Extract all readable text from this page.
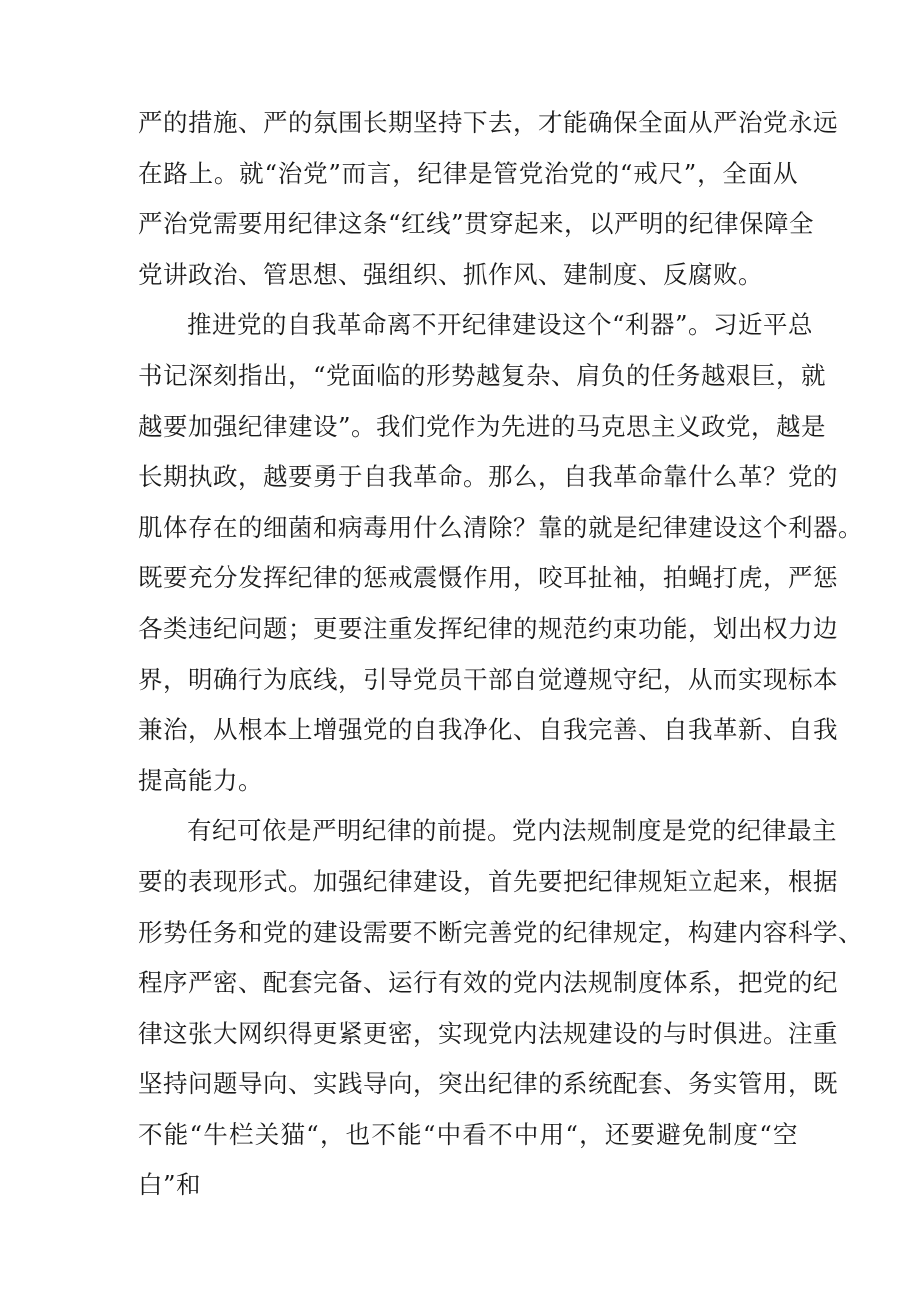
严的措施、严的氛围长期坚持下去，才能确保全面从严治党永远
在路上。就“治党”而言，纪律是管党治党的“戒尺”，全面从
严治党需要用纪律这条“红线”贯穿起来，以严明的纪律保障全
党讲政治、管思想、强组织、抓作风、建制度、反腐败。
推进党的自我革命离不开纪律建设这个“利器”。习近平总
书记深刻指出，“党面临的形势越复杂、肩负的任务越艰巨，就
越要加强纪律建设”。我们党作为先进的马克思主义政党，越是
长期执政，越要勇于自我革命。那么，自我革命靠什么革？党的
肌体存在的细菌和病毒用什么清除？靠的就是纪律建设这个利器。
既要充分发挥纪律的惩戒震慑作用，咬耳扯袖，拍蝇打虎，严惩
各类违纪问题；更要注重发挥纪律的规范约束功能，划出权力边
界，明确行为底线，引导党员干部自觉遵规守纪，从而实现标本
兼治，从根本上增强党的自我净化、自我完善、自我革新、自我
提高能力。
有纪可依是严明纪律的前提。党内法规制度是党的纪律最主
要的表现形式。加强纪律建设，首先要把纪律规矩立起来，根据
形势任务和党的建设需要不断完善党的纪律规定，构建内容科学、
程序严密、配套完备、运行有效的党内法规制度体系，把党的纪
律这张大网织得更紧更密，实现党内法规建设的与时俱进。注重
坚持问题导向、实践导向，突出纪律的系统配套、务实管用，既
不能“牛栏关猫“，也不能“中看不中用“，还要避免制度“空
白”和
